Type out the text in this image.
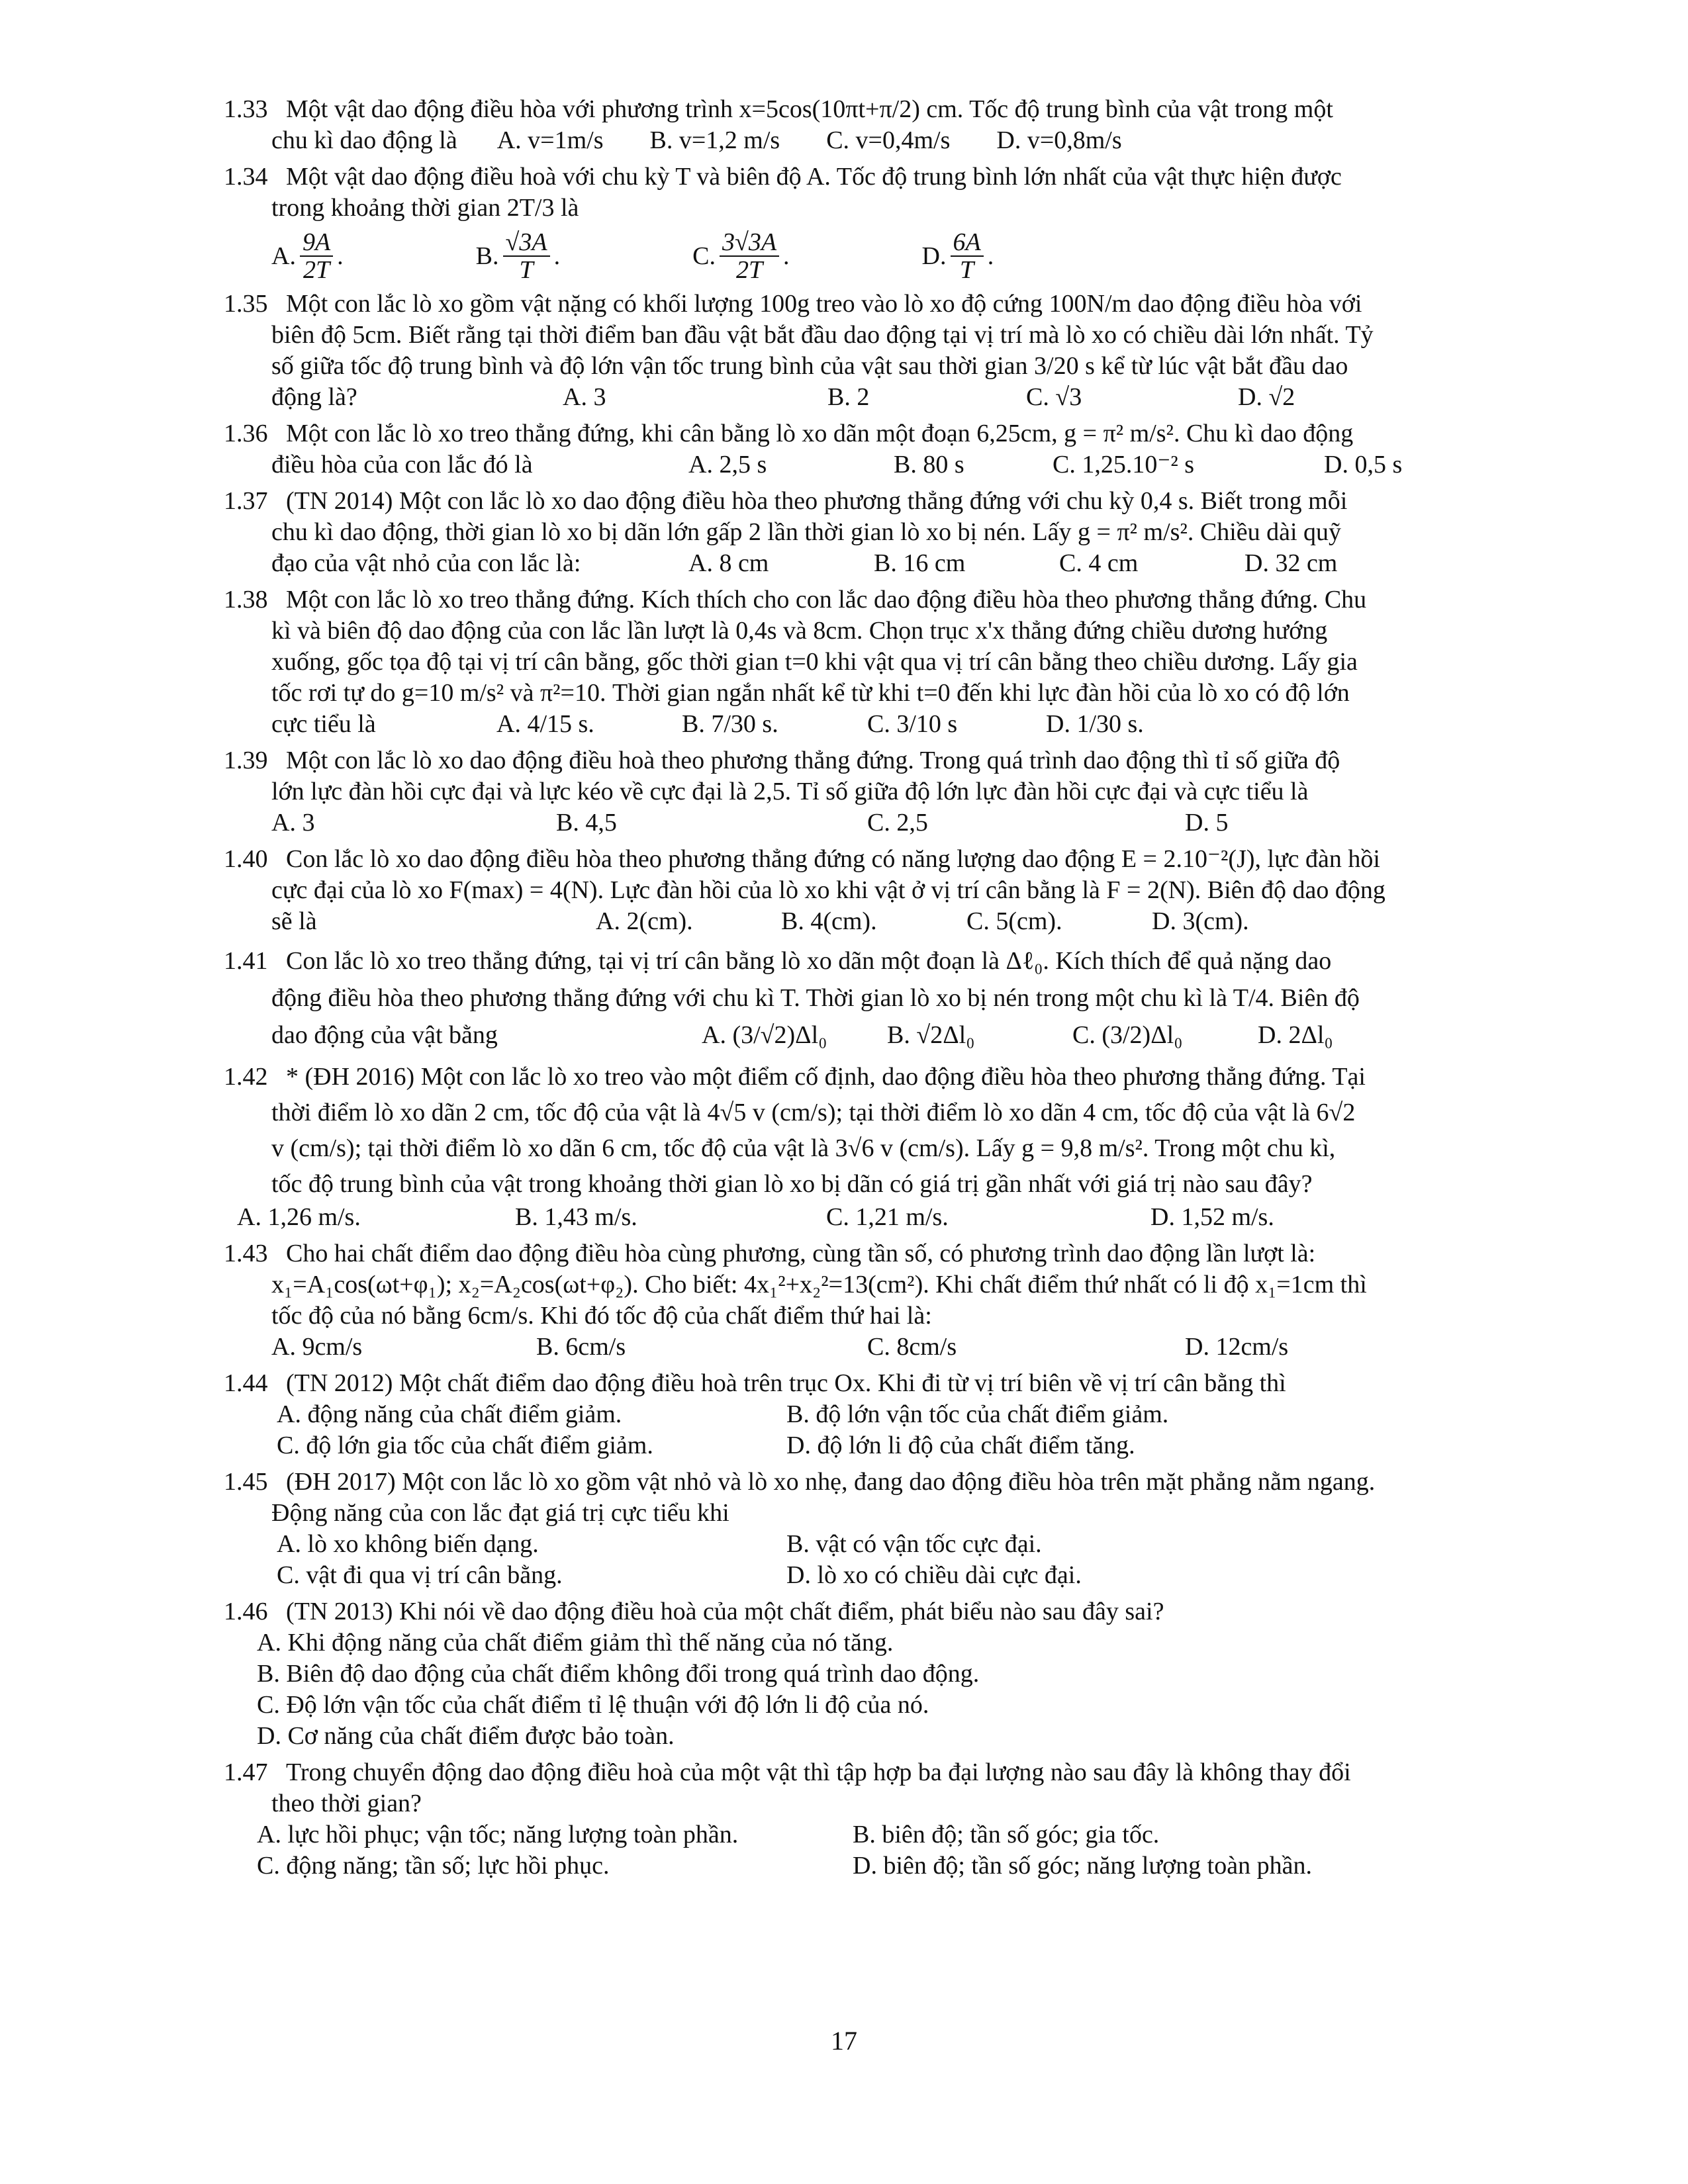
1.33 Một vật dao động điều hòa với phương trình x=5cos(10πt+π/2) cm. Tốc độ trung bình của vật trong một
chu kì dao động là A. v=1m/s B. v=1,2 m/s C. v=0,4m/s D. v=0,8m/s
1.34 Một vật dao động điều hoà với chu kỳ T và biên độ A. Tốc độ trung bình lớn nhất của vật thực hiện được
trong khoảng thời gian 2T/3 là
A. $\frac{9A}{2T}$ .	B. $\frac{√3A}{T}$ .	C. $\frac{3√3A}{2T}$ .	D. $\frac{6A}{T}$ .
1.35 Một con lắc lò xo gồm vật nặng có khối lượng 100g treo vào lò xo độ cứng 100N/m dao động điều hòa với
biên độ 5cm. Biết rằng tại thời điểm ban đầu vật bắt đầu dao động tại vị trí mà lò xo có chiều dài lớn nhất. Tỷ
số giữa tốc độ trung bình và độ lớn vận tốc trung bình của vật sau thời gian 3/20 s kể từ lúc vật bắt đầu dao
động là?	A. 3	B. 2	C. √3	D. √2
1.36 Một con lắc lò xo treo thẳng đứng, khi cân bằng lò xo dãn một đoạn 6,25cm, g = π² m/s². Chu kì dao động
điều hòa của con lắc đó là	A. 2,5 s	B. 80 s	C. 1,25.10⁻² s	D. 0,5 s
1.37 (TN 2014) Một con lắc lò xo dao động điều hòa theo phương thẳng đứng với chu kỳ 0,4 s. Biết trong mỗi
chu kì dao động, thời gian lò xo bị dãn lớn gấp 2 lần thời gian lò xo bị nén. Lấy g = π² m/s². Chiều dài quỹ
đạo của vật nhỏ của con lắc là:	A. 8 cm	B. 16 cm	C. 4 cm	D. 32 cm
1.38 Một con lắc lò xo treo thẳng đứng. Kích thích cho con lắc dao động điều hòa theo phương thẳng đứng. Chu
kì và biên độ dao động của con lắc lần lượt là 0,4s và 8cm. Chọn trục x'x thẳng đứng chiều dương hướng
xuống, gốc tọa độ tại vị trí cân bằng, gốc thời gian t=0 khi vật qua vị trí cân bằng theo chiều dương. Lấy gia
tốc rơi tự do g=10 m/s² và π²=10. Thời gian ngắn nhất kể từ khi t=0 đến khi lực đàn hồi của lò xo có độ lớn
cực tiểu là	A. 4/15 s.	B. 7/30 s.	C. 3/10 s	D. 1/30 s.
1.39 Một con lắc lò xo dao động điều hoà theo phương thẳng đứng. Trong quá trình dao động thì tỉ số giữa độ
lớn lực đàn hồi cực đại và lực kéo về cực đại là 2,5. Tỉ số giữa độ lớn lực đàn hồi cực đại và cực tiểu là
A. 3	B. 4,5	C. 2,5	D. 5
1.40 Con lắc lò xo dao động điều hòa theo phương thẳng đứng có năng lượng dao động E = 2.10⁻²(J), lực đàn hồi
cực đại của lò xo F(max) = 4(N). Lực đàn hồi của lò xo khi vật ở vị trí cân bằng là F = 2(N). Biên độ dao động
sẽ là	A. 2(cm).	B. 4(cm).	C. 5(cm).	D. 3(cm).
1.41 Con lắc lò xo treo thẳng đứng, tại vị trí cân bằng lò xo dãn một đoạn là Δℓ₀. Kích thích để quả nặng dao
động điều hòa theo phương thẳng đứng với chu kì T. Thời gian lò xo bị nén trong một chu kì là T/4. Biên độ
dao động của vật bằng	A. (3/√2)Δl₀	B. √2Δl₀	C. (3/2)Δl₀	D. 2Δl₀
1.42 * (ĐH 2016) Một con lắc lò xo treo vào một điểm cố định, dao động điều hòa theo phương thẳng đứng. Tại
thời điểm lò xo dãn 2 cm, tốc độ của vật là 4√5 v (cm/s); tại thời điểm lò xo dãn 4 cm, tốc độ của vật là 6√2
v (cm/s); tại thời điểm lò xo dãn 6 cm, tốc độ của vật là 3√6 v (cm/s). Lấy g = 9,8 m/s². Trong một chu kì,
tốc độ trung bình của vật trong khoảng thời gian lò xo bị dãn có giá trị gần nhất với giá trị nào sau đây?
A. 1,26 m/s.	B. 1,43 m/s.	C. 1,21 m/s.	D. 1,52 m/s.
1.43 Cho hai chất điểm dao động điều hòa cùng phương, cùng tần số, có phương trình dao động lần lượt là:
x₁=A₁cos(ωt+φ₁); x₂=A₂cos(ωt+φ₂). Cho biết: 4x₁²+x₂²=13(cm²). Khi chất điểm thứ nhất có li độ x₁=1cm thì
tốc độ của nó bằng 6cm/s. Khi đó tốc độ của chất điểm thứ hai là:
A. 9cm/s	B. 6cm/s	C. 8cm/s	D. 12cm/s
1.44 (TN 2012) Một chất điểm dao động điều hoà trên trục Ox. Khi đi từ vị trí biên về vị trí cân bằng thì
A. động năng của chất điểm giảm.	B. độ lớn vận tốc của chất điểm giảm.
C. độ lớn gia tốc của chất điểm giảm.	D. độ lớn li độ của chất điểm tăng.
1.45 (ĐH 2017) Một con lắc lò xo gồm vật nhỏ và lò xo nhẹ, đang dao động điều hòa trên mặt phẳng nằm ngang.
Động năng của con lắc đạt giá trị cực tiểu khi
A. lò xo không biến dạng.	B. vật có vận tốc cực đại.
C. vật đi qua vị trí cân bằng.	D. lò xo có chiều dài cực đại.
1.46 (TN 2013) Khi nói về dao động điều hoà của một chất điểm, phát biểu nào sau đây sai?
A. Khi động năng của chất điểm giảm thì thế năng của nó tăng.
B. Biên độ dao động của chất điểm không đổi trong quá trình dao động.
C. Độ lớn vận tốc của chất điểm tỉ lệ thuận với độ lớn li độ của nó.
D. Cơ năng của chất điểm được bảo toàn.
1.47 Trong chuyển động dao động điều hoà của một vật thì tập hợp ba đại lượng nào sau đây là không thay đổi
theo thời gian?
A. lực hồi phục; vận tốc; năng lượng toàn phần.	B. biên độ; tần số góc; gia tốc.
C. động năng; tần số; lực hồi phục.	D. biên độ; tần số góc; năng lượng toàn phần.
17
